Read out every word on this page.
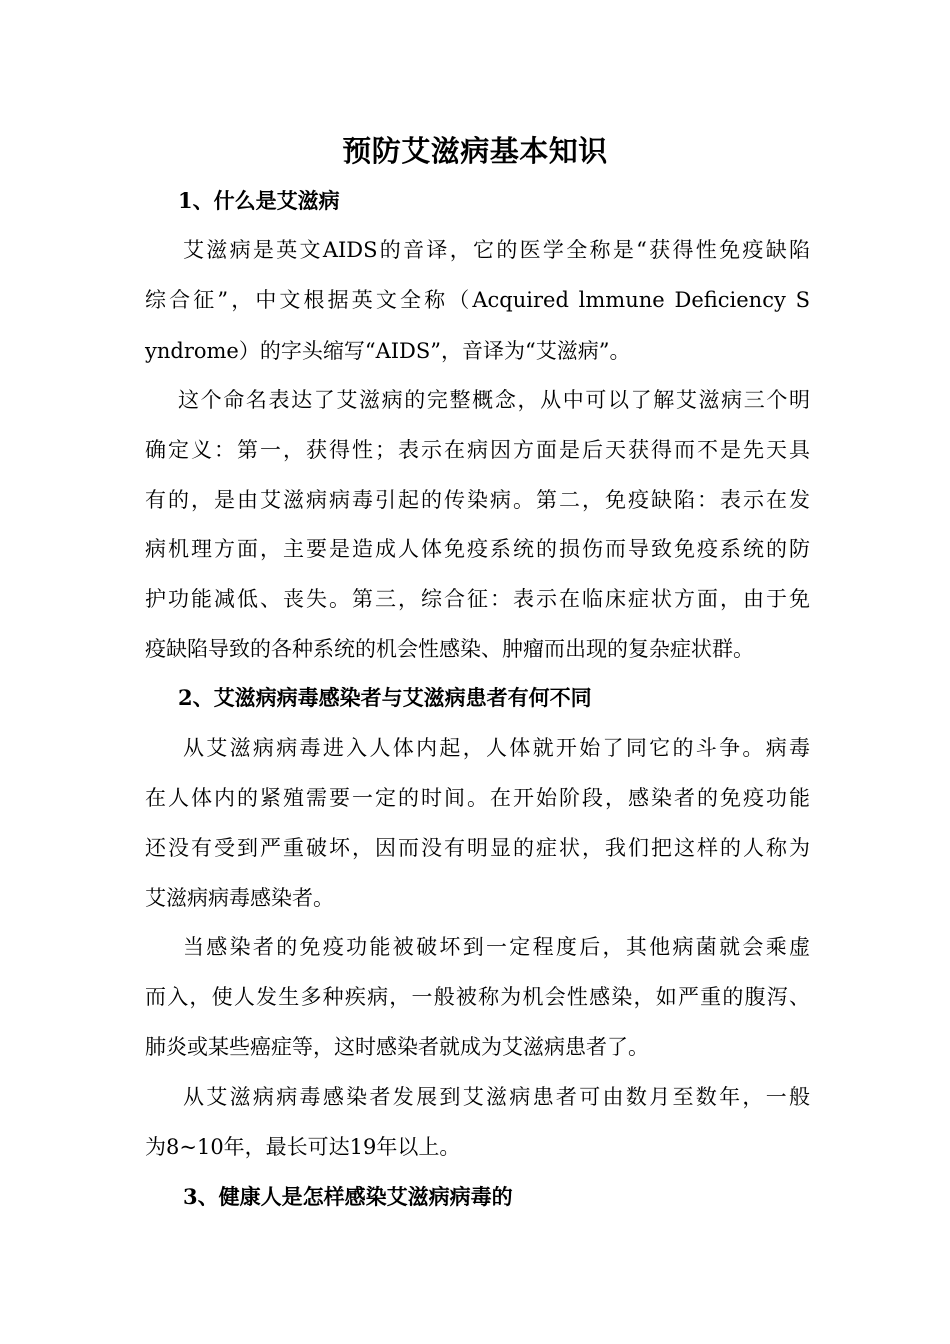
预防艾滋病基本知识
1、什么是艾滋病
艾滋病是英文AIDS的音译，它的医学全称是“获得性免疫缺陷
综合征”，中文根据英文全称（Acquired lmmune Deficiency S
yndrome）的字头缩写“AIDS”，音译为“艾滋病”。
这个命名表达了艾滋病的完整概念，从中可以了解艾滋病三个明
确定义：第一，获得性；表示在病因方面是后天获得而不是先天具
有的，是由艾滋病病毒引起的传染病。第二，免疫缺陷：表示在发
病机理方面，主要是造成人体免疫系统的损伤而导致免疫系统的防
护功能减低、丧失。第三，综合征：表示在临床症状方面，由于免
疫缺陷导致的各种系统的机会性感染、肿瘤而出现的复杂症状群。
2、艾滋病病毒感染者与艾滋病患者有何不同
从艾滋病病毒进入人体内起，人体就开始了同它的斗争。病毒
在人体内的紧殖需要一定的时间。在开始阶段，感染者的免疫功能
还没有受到严重破坏，因而没有明显的症状，我们把这样的人称为
艾滋病病毒感染者。
当感染者的免疫功能被破坏到一定程度后，其他病菌就会乘虚
而入，使人发生多种疾病，一般被称为机会性感染，如严重的腹泻、
肺炎或某些癌症等，这时感染者就成为艾滋病患者了。
从艾滋病病毒感染者发展到艾滋病患者可由数月至数年，一般
为8~10年，最长可达19年以上。
3、健康人是怎样感染艾滋病病毒的
